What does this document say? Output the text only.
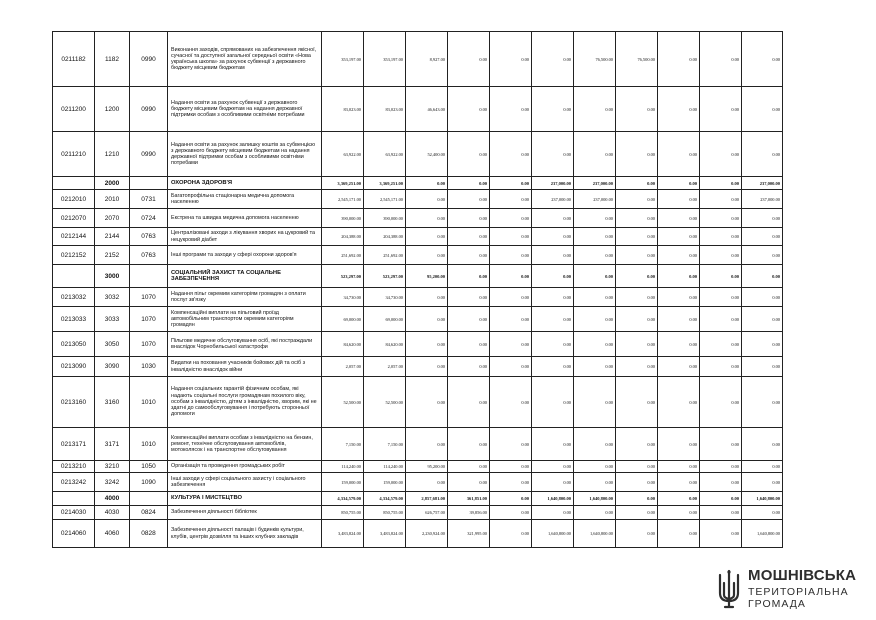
0211182	1182	0990	Виконання заходів, спрямованих на забезпечення якісної, сучасної та доступної загальної середньої освіти «Нова українська школа» за рахунок субвенції з державного бюджету місцевим бюджетам	353,197.00	353,197.00	8,927.00	0.00	0.00	0.00	76,500.00	76,500.00	0.00	0.00	0.00	
0211200	1200	0990	Надання освіти за рахунок субвенції з державного бюджету місцевим бюджетам на надання державної підтримки особам з особливими освітніми потребами	83,023.00	83,023.00	46,643.00	0.00	0.00	0.00	0.00	0.00	0.00	0.00	0.00	
0211210	1210	0990	Надання освіти за рахунок залишку коштів за субвенцією з державного бюджету місцевим бюджетам на надання державної підтримки особам з особливими освітніми потребами	63,922.00	63,922.00	52,400.00	0.00	0.00	0.00	0.00	0.00	0.00	0.00	0.00	
	2000		ОХОРОНА ЗДОРОВ'Я	3,369,251.00	3,369,251.00	0.00	0.00	0.00	237,000.00	237,000.00	0.00	0.00	0.00	237,000.00	
0212010	2010	0731	Багатопрофільна стаціонарна медична допомога населенню	2,545,171.00	2,545,171.00	0.00	0.00	0.00	237,000.00	237,000.00	0.00	0.00	0.00	237,000.00	
0212070	2070	0724	Екстрена та швидка медична допомога населенню	390,000.00	390,000.00	0.00	0.00	0.00	0.00	0.00	0.00	0.00	0.00	0.00	
0212144	2144	0763	Централізовані заходи з лікування хворих на цукровий та нецукровий діабет	204,388.00	204,388.00	0.00	0.00	0.00	0.00	0.00	0.00	0.00	0.00	0.00	
0212152	2152	0763	Інші програми та заходи у сфері охорони здоров'я	251,692.00	251,692.00	0.00	0.00	0.00	0.00	0.00	0.00	0.00	0.00	0.00	
	3000		СОЦІАЛЬНИЙ ЗАХИСТ ТА СОЦІАЛЬНЕ ЗАБЕЗПЕЧЕННЯ	523,297.00	523,297.00	95,200.00	0.00	0.00	0.00	0.00	0.00	0.00	0.00	0.00	
0213032	3032	1070	Надання пільг окремим категоріям громадян з оплати послуг зв'язку	34,730.00	34,730.00	0.00	0.00	0.00	0.00	0.00	0.00	0.00	0.00	0.00	
0213033	3033	1070	Компенсаційні виплати на пільговий проїзд автомобільним транспортом окремим категоріям громадян	69,000.00	69,000.00	0.00	0.00	0.00	0.00	0.00	0.00	0.00	0.00	0.00	
0213050	3050	1070	Пільгове медичне обслуговування осіб, які постраждали внаслідок Чорнобильської катастрофи	84,620.00	84,620.00	0.00	0.00	0.00	0.00	0.00	0.00	0.00	0.00	0.00	
0213090	3090	1030	Видатки на поховання учасників бойових дій та осіб з інвалідністю внаслідок війни	2,057.00	2,057.00	0.00	0.00	0.00	0.00	0.00	0.00	0.00	0.00	0.00	
0213160	3160	1010	Надання соціальних гарантій фізичним особам, які надають соціальні послуги громадянам похилого віку, особам з інвалідністю, дітям з інвалідністю, хворим, які не здатні до самообслуговування і потребують сторонньої допомоги	52,500.00	52,500.00	0.00	0.00	0.00	0.00	0.00	0.00	0.00	0.00	0.00	
0213171	3171	1010	Компенсаційні виплати особам з інвалідністю на бензин, ремонт, технічне обслуговування автомобілів, мотоколясок і на транспортне обслуговування	7,150.00	7,150.00	0.00	0.00	0.00	0.00	0.00	0.00	0.00	0.00	0.00	
0213210	3210	1050	Організація та проведення громадських робіт	114,240.00	114,240.00	95,200.00	0.00	0.00	0.00	0.00	0.00	0.00	0.00	0.00	
0213242	3242	1090	Інші заходи у сфері соціального захисту і соціального забезпечення	159,000.00	159,000.00	0.00	0.00	0.00	0.00	0.00	0.00	0.00	0.00	0.00	
	4000		КУЛЬТУРА І МИСТЕЦТВО	4,334,579.00	4,334,579.00	2,857,681.00	361,851.00	0.00	1,640,800.00	1,640,800.00	0.00	0.00	0.00	1,640,800.00	
0214030	4030	0824	Забезпечення діяльності бібліотек	850,755.00	850,755.00	626,757.00	39,856.00	0.00	0.00	0.00	0.00	0.00	0.00	0.00	
0214060	4060	0828	Забезпечення діяльності палаців і будинків культури, клубів, центрів дозвілля та інших клубних закладів	3,483,824.00	3,483,824.00	2,230,924.00	321,995.00	0.00	1,640,800.00	1,640,800.00	0.00	0.00	0.00	1,640,800.00	
МОШНІВСЬКА
ТЕРИТОРІАЛЬНА
ГРОМАДА
